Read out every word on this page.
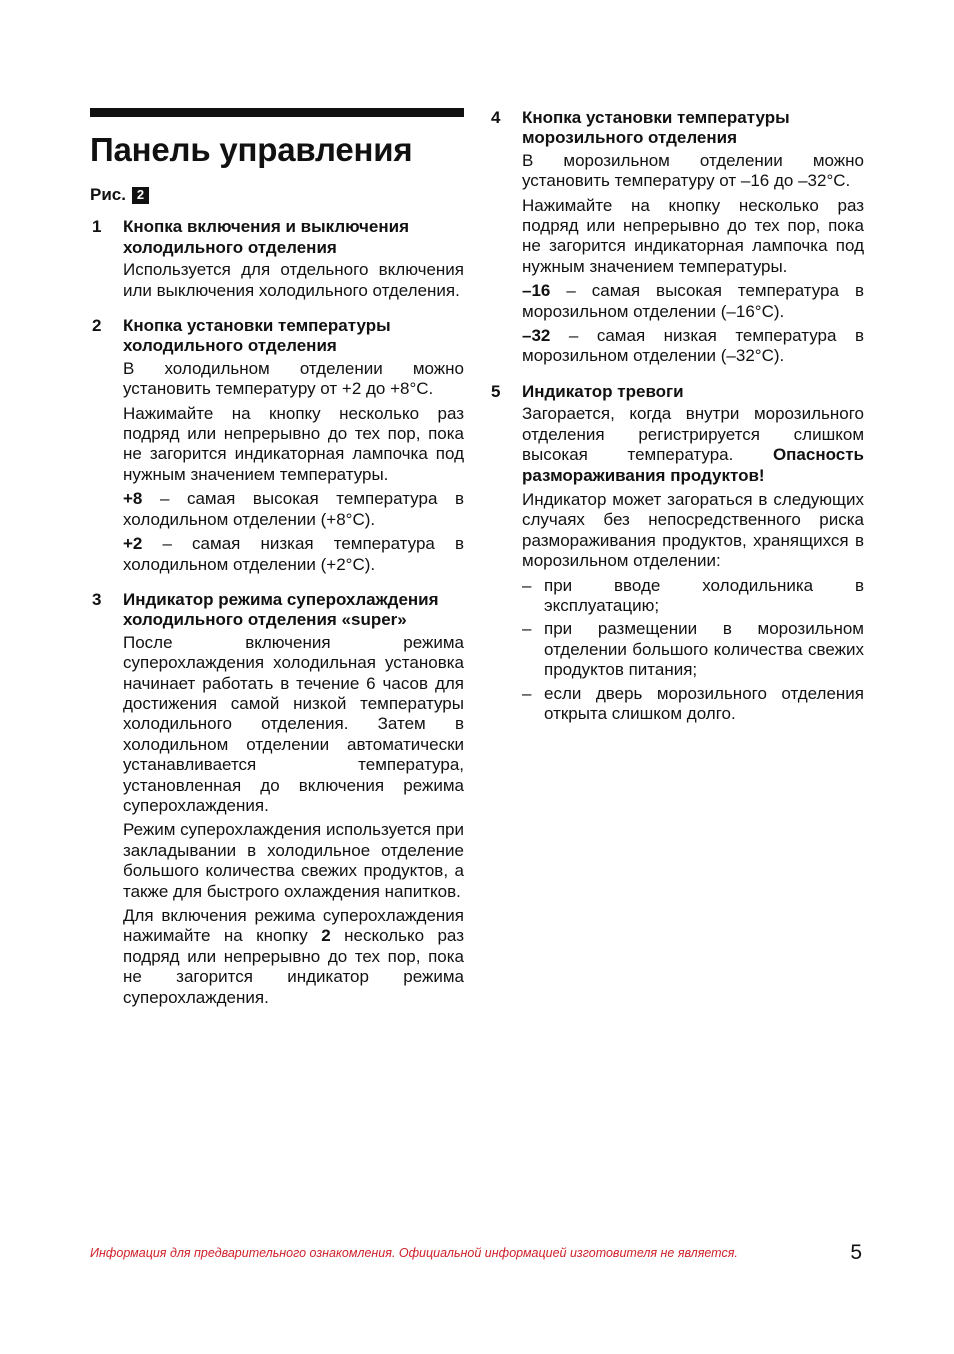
Панель управления
Рис. 2
1	Кнопка включения и выключения холодильного отделения

Используется для отдельного включения или выключения холодильного отделения.

2	Кнопка установки температуры холодильного отделения

В холодильном отделении можно установить температуру от +2 до +8°C.

Нажимайте на кнопку несколько раз подряд или непрерывно до тех пор, пока не загорится индикаторная лампочка под нужным значением температуры.

+8 – самая высокая температура в холодильном отделении (+8°C).

+2 – самая низкая температура в холодильном отделении (+2°C).

3	Индикатор режима суперохлаждения холодильного отделения «super»

После включения режима суперохлаждения холодильная установка начинает работать в течение 6 часов для достижения самой низкой температуры холодильного отделения. Затем в холодильном отделении автоматически устанавливается температура, установленная до включения режима суперохлаждения.

Режим суперохлаждения используется при закладывании в холодильное отделение большого количества свежих продуктов, а также для быстрого охлаждения напитков.

Для включения режима суперохлаждения нажимайте на кнопку 2 несколько раз подряд или непрерывно до тех пор, пока не загорится индикатор режима суперохлаждения.

4	Кнопка установки температуры морозильного отделения

В морозильном отделении можно установить температуру от –16 до –32°C.

Нажимайте на кнопку несколько раз подряд или непрерывно до тех пор, пока не загорится индикаторная лампочка под нужным значением температуры.

–16 – самая высокая температура в морозильном отделении (–16°C).

–32 – самая низкая температура в морозильном отделении (–32°C).

5	Индикатор тревоги

Загорается, когда внутри морозильного отделения регистрируется слишком высокая температура. Опасность размораживания продуктов!

Индикатор может загораться в следующих случаях без непосредственного риска размораживания продуктов, хранящихся в морозильном отделении:

– при вводе холодильника в эксплуатацию;
– при размещении в морозильном отделении большого количества свежих продуктов питания;
– если дверь морозильного отделения открыта слишком долго.
Информация для предварительного ознакомления. Официальной информацией изготовителя не является.	5
